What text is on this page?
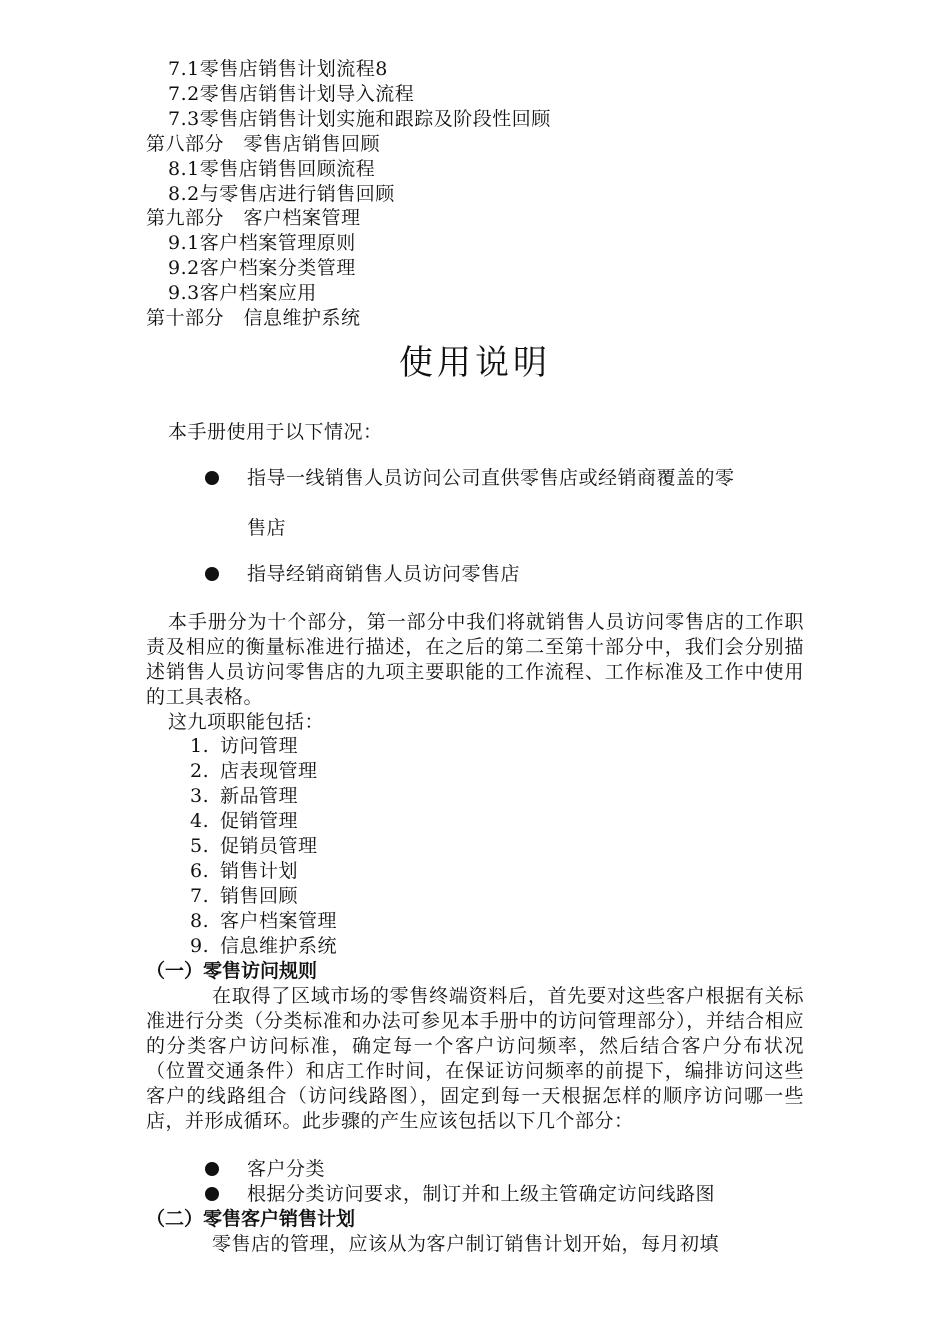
7.1零售店销售计划流程8
7.2零售店销售计划导入流程
7.3零售店销售计划实施和跟踪及阶段性回顾
第八部分　零售店销售回顾
8.1零售店销售回顾流程
8.2与零售店进行销售回顾
第九部分　客户档案管理
9.1客户档案管理原则
9.2客户档案分类管理
9.3客户档案应用
第十部分　信息维护系统
使用说明
本手册使用于以下情况：
指导一线销售人员访问公司直供零售店或经销商覆盖的零
售店
指导经销商销售人员访问零售店
本手册分为十个部分，第一部分中我们将就销售人员访问零售店的工作职责及相应的衡量标准进行描述，在之后的第二至第十部分中，我们会分别描述销售人员访问零售店的九项主要职能的工作流程、工作标准及工作中使用的工具表格。
这九项职能包括：
1. 访问管理
2. 店表现管理
3. 新品管理
4. 促销管理
5. 促销员管理
6. 销售计划
7. 销售回顾
8. 客户档案管理
9. 信息维护系统
（一）零售访问规则
在取得了区域市场的零售终端资料后，首先要对这些客户根据有关标准进行分类（分类标准和办法可参见本手册中的访问管理部分），并结合相应的分类客户访问标准，确定每一个客户访问频率，然后结合客户分布状况（位置交通条件）和店工作时间，在保证访问频率的前提下，编排访问这些客户的线路组合（访问线路图），固定到每一天根据怎样的顺序访问哪一些店，并形成循环。此步骤的产生应该包括以下几个部分：
客户分类
根据分类访问要求，制订并和上级主管确定访问线路图
（二）零售客户销售计划
零售店的管理，应该从为客户制订销售计划开始，每月初填
